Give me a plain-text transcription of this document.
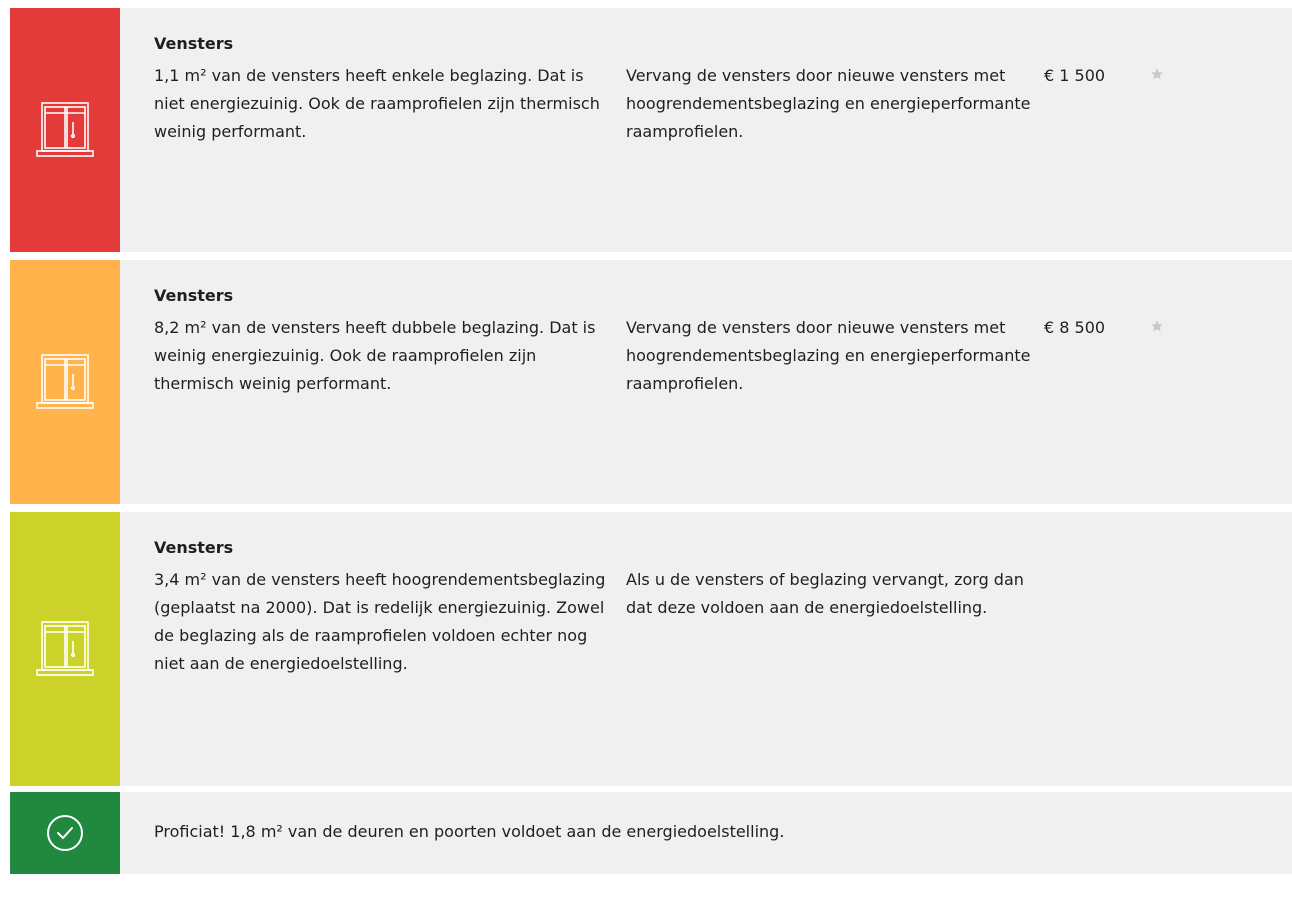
Vensters
1,1 m² van de vensters heeft enkele beglazing. Dat is niet energiezuinig. Ook de raamprofielen zijn thermisch weinig performant.
Vervang de vensters door nieuwe vensters met hoogrendementsbeglazing en energieperformante raamprofielen.
€ 1 500
Vensters
8,2 m² van de vensters heeft dubbele beglazing. Dat is weinig energiezuinig. Ook de raamprofielen zijn thermisch weinig performant.
Vervang de vensters door nieuwe vensters met hoogrendementsbeglazing en energieperformante raamprofielen.
€ 8 500
Vensters
3,4 m² van de vensters heeft hoogrendementsbeglazing (geplaatst na 2000). Dat is redelijk energiezuinig. Zowel de beglazing als de raamprofielen voldoen echter nog niet aan de energiedoelstelling.
Als u de vensters of beglazing vervangt, zorg dan dat deze voldoen aan de energiedoelstelling.
Proficiat! 1,8 m² van de deuren en poorten voldoet aan de energiedoelstelling.
